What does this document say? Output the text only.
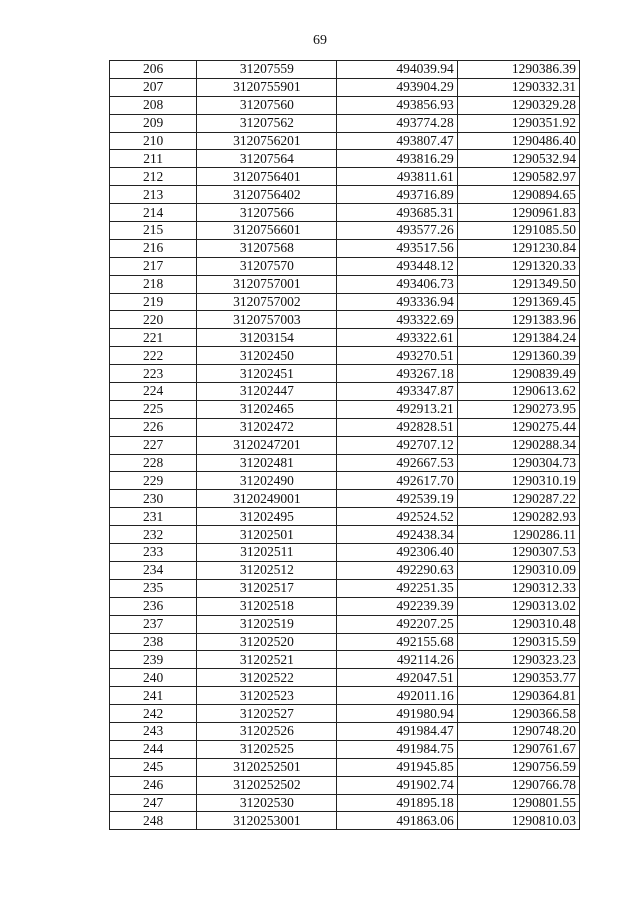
69
206	31207559	494039.94	1290386.39
207	3120755901	493904.29	1290332.31
208	31207560	493856.93	1290329.28
209	31207562	493774.28	1290351.92
210	3120756201	493807.47	1290486.40
211	31207564	493816.29	1290532.94
212	3120756401	493811.61	1290582.97
213	3120756402	493716.89	1290894.65
214	31207566	493685.31	1290961.83
215	3120756601	493577.26	1291085.50
216	31207568	493517.56	1291230.84
217	31207570	493448.12	1291320.33
218	3120757001	493406.73	1291349.50
219	3120757002	493336.94	1291369.45
220	3120757003	493322.69	1291383.96
221	31203154	493322.61	1291384.24
222	31202450	493270.51	1291360.39
223	31202451	493267.18	1290839.49
224	31202447	493347.87	1290613.62
225	31202465	492913.21	1290273.95
226	31202472	492828.51	1290275.44
227	3120247201	492707.12	1290288.34
228	31202481	492667.53	1290304.73
229	31202490	492617.70	1290310.19
230	3120249001	492539.19	1290287.22
231	31202495	492524.52	1290282.93
232	31202501	492438.34	1290286.11
233	31202511	492306.40	1290307.53
234	31202512	492290.63	1290310.09
235	31202517	492251.35	1290312.33
236	31202518	492239.39	1290313.02
237	31202519	492207.25	1290310.48
238	31202520	492155.68	1290315.59
239	31202521	492114.26	1290323.23
240	31202522	492047.51	1290353.77
241	31202523	492011.16	1290364.81
242	31202527	491980.94	1290366.58
243	31202526	491984.47	1290748.20
244	31202525	491984.75	1290761.67
245	3120252501	491945.85	1290756.59
246	3120252502	491902.74	1290766.78
247	31202530	491895.18	1290801.55
248	3120253001	491863.06	1290810.03
